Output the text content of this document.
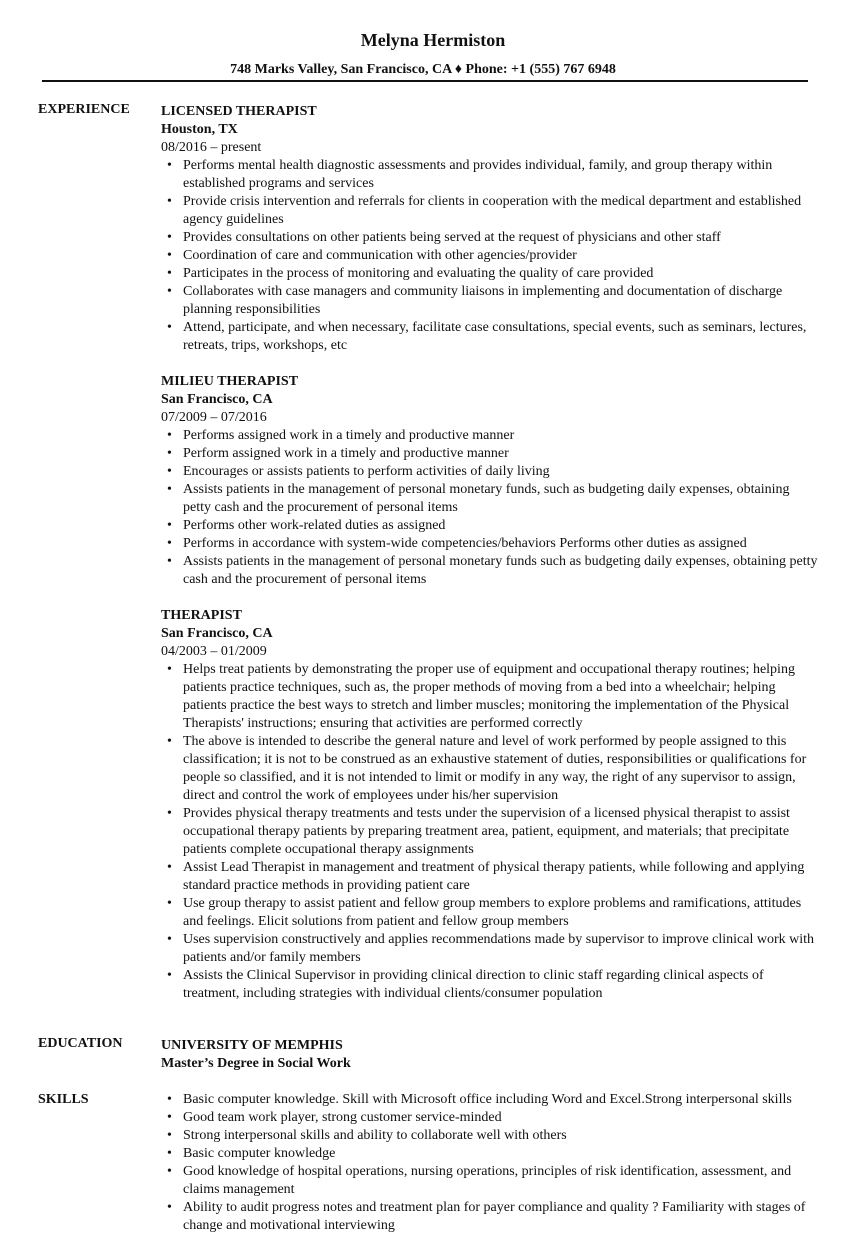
Melyna Hermiston
748 Marks Valley, San Francisco, CA ♦ Phone: +1 (555) 767 6948
EXPERIENCE LICENSED THERAPIST
Houston, TX
08/2016 – present
• Performs mental health diagnostic assessments and provides individual, family, and group therapy within established programs and services
• Provide crisis intervention and referrals for clients in cooperation with the medical department and established agency guidelines
• Provides consultations on other patients being served at the request of physicians and other staff
• Coordination of care and communication with other agencies/provider
• Participates in the process of monitoring and evaluating the quality of care provided
• Collaborates with case managers and community liaisons in implementing and documentation of discharge planning responsibilities
• Attend, participate, and when necessary, facilitate case consultations, special events, such as seminars, lectures, retreats, trips, workshops, etc
MILIEU THERAPIST
San Francisco, CA
07/2009 – 07/2016
• Performs assigned work in a timely and productive manner
• Perform assigned work in a timely and productive manner
• Encourages or assists patients to perform activities of daily living
• Assists patients in the management of personal monetary funds, such as budgeting daily expenses, obtaining petty cash and the procurement of personal items
• Performs other work-related duties as assigned
• Performs in accordance with system-wide competencies/behaviors Performs other duties as assigned
• Assists patients in the management of personal monetary funds such as budgeting daily expenses, obtaining petty cash and the procurement of personal items
THERAPIST
San Francisco, CA
04/2003 – 01/2009
• Helps treat patients by demonstrating the proper use of equipment and occupational therapy routines; helping patients practice techniques, such as, the proper methods of moving from a bed into a wheelchair; helping patients practice the best ways to stretch and limber muscles; monitoring the implementation of the Physical Therapists' instructions; ensuring that activities are performed correctly
• The above is intended to describe the general nature and level of work performed by people assigned to this classification; it is not to be construed as an exhaustive statement of duties, responsibilities or qualifications for people so classified, and it is not intended to limit or modify in any way, the right of any supervisor to assign, direct and control the work of employees under his/her supervision
• Provides physical therapy treatments and tests under the supervision of a licensed physical therapist to assist occupational therapy patients by preparing treatment area, patient, equipment, and materials; that precipitate patients complete occupational therapy assignments
• Assist Lead Therapist in management and treatment of physical therapy patients, while following and applying standard practice methods in providing patient care
• Use group therapy to assist patient and fellow group members to explore problems and ramifications, attitudes and feelings. Elicit solutions from patient and fellow group members
• Uses supervision constructively and applies recommendations made by supervisor to improve clinical work with patients and/or family members
• Assists the Clinical Supervisor in providing clinical direction to clinic staff regarding clinical aspects of treatment, including strategies with individual clients/consumer population
EDUCATION	UNIVERSITY OF MEMPHIS
Master’s Degree in Social Work
SKILLS
•	Basic computer knowledge. Skill with Microsoft office including Word and Excel.Strong interpersonal skills
• Good team work player, strong customer service-minded
• Strong interpersonal skills and ability to collaborate well with others
• Basic computer knowledge
• Good knowledge of hospital operations, nursing operations, principles of risk identification, assessment, and claims management
• Ability to audit progress notes and treatment plan for payer compliance and quality ? Familiarity with stages of change and motivational interviewing
